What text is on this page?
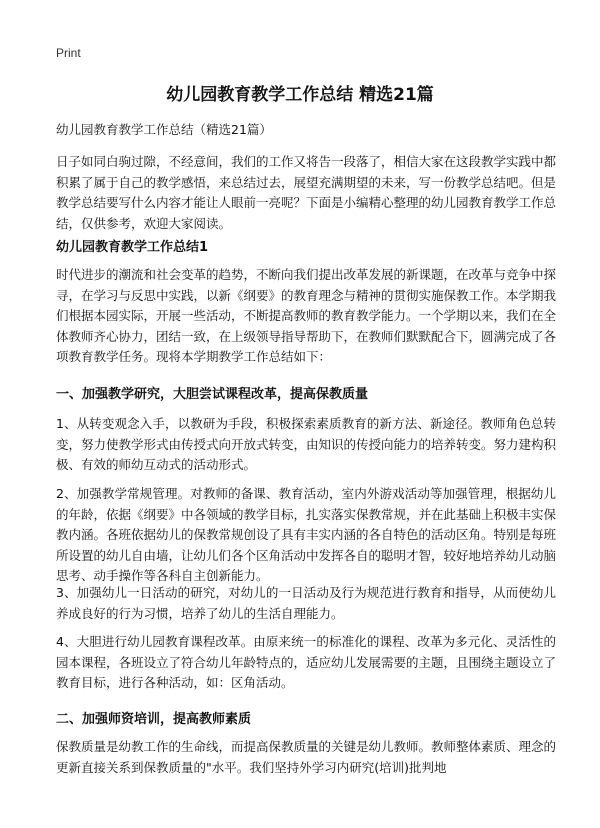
Print
幼儿园教育教学工作总结 精选21篇

幼儿园教育教学工作总结（精选21篇）

日子如同白驹过隙，不经意间，我们的工作又将告一段落了，相信大家在这段教学实践中都积累了属于自己的教学感悟，来总结过去，展望充满期望的未来，写一份教学总结吧。但是教学总结要写什么内容才能让人眼前一亮呢？下面是小编精心整理的幼儿园教育教学工作总结，仅供参考，欢迎大家阅读。

幼儿园教育教学工作总结1

时代进步的潮流和社会变革的趋势，不断向我们提出改革发展的新课题，在改革与竞争中探寻，在学习与反思中实践，以新《纲要》的教育理念与精神的贯彻实施保教工作。本学期我们根据本园实际，开展一些活动，不断提高教师的教育教学能力。一个学期以来，我们在全体教师齐心协力，团结一致，在上级领导指导帮助下，在教师们默默配合下，圆满完成了各项教育教学任务。现将本学期教学工作总结如下：

一、加强教学研究，大胆尝试课程改革，提高保教质量

1、从转变观念入手，以教研为手段，积极探索素质教育的新方法、新途径。教师角色总转变，努力使教学形式由传授式向开放式转变，由知识的传授向能力的培养转变。努力建构积极、有效的师幼互动式的活动形式。

2、加强教学常规管理。对教师的备课、教育活动，室内外游戏活动等加强管理，根据幼儿的年龄，依据《纲要》中各领域的教学目标，扎实落实保教常规，并在此基础上积极丰实保教内涵。各班依据幼儿的保教常规创设了具有丰实内涵的各自特色的活动区角。特别是每班所设置的幼儿自由墙，让幼儿们各个区角活动中发挥各自的聪明才智，较好地培养幼儿动脑思考、动手操作等各科自主创新能力。

3、加强幼儿一日活动的研究，对幼儿的一日活动及行为规范进行教育和指导，从而使幼儿养成良好的行为习惯，培养了幼儿的生活自理能力。

4、大胆进行幼儿园教育课程改革。由原来统一的标准化的课程、改革为多元化、灵活性的园本课程，各班设立了符合幼儿年龄特点的，适应幼儿发展需要的主题，且围绕主题设立了教育目标，进行各种活动，如：区角活动。

二、加强师资培训，提高教师素质

保教质量是幼教工作的生命线，而提高保教质量的关键是幼儿教师。教师整体素质、理念的更新直接关系到保教质量的"水平。我们坚持外学习内研究(培训)批判地
